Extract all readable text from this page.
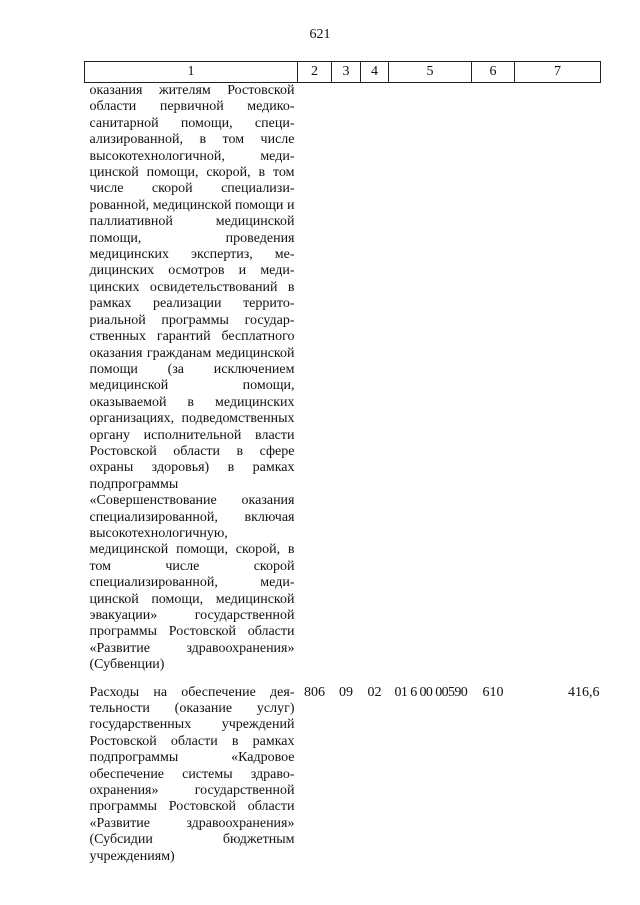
621
1	2	3	4	5	6	7
оказания жителям Ростовской области первичной медико-санитарной помощи, специализированной, в том числе высокотехнологичной, медицинской помощи, скорой, в том числе скорой специализированной, медицинской помощи и паллиативной медицинской помощи, проведения медицинских экспертиз, медицинских осмотров и медицинских освидетельствований в рамках реализации территориальной программы государственных гарантий бесплатного оказания гражданам медицинской помощи (за исключением медицинской помощи, оказываемой в медицинских организациях, подведомственных органу исполнительной власти Ростовской области в сфере охраны здоровья) в рамках подпрограммы «Совершенствование оказания специализированной, включая высокотехнологичную, медицинской помощи, скорой, в том числе скорой специализированной, медицинской помощи, медицинской эвакуации» государственной программы Ростовской области «Развитие здравоохранения» (Субвенции)						
Расходы на обеспечение деятельности (оказание услуг) государственных учреждений Ростовской области в рамках подпрограммы «Кадровое обеспечение системы здравоохранения» государственной программы Ростовской области «Развитие здравоохранения» (Субсидии бюджетным учреждениям)	806	09	02	01 6 00 00590	610	416,6
